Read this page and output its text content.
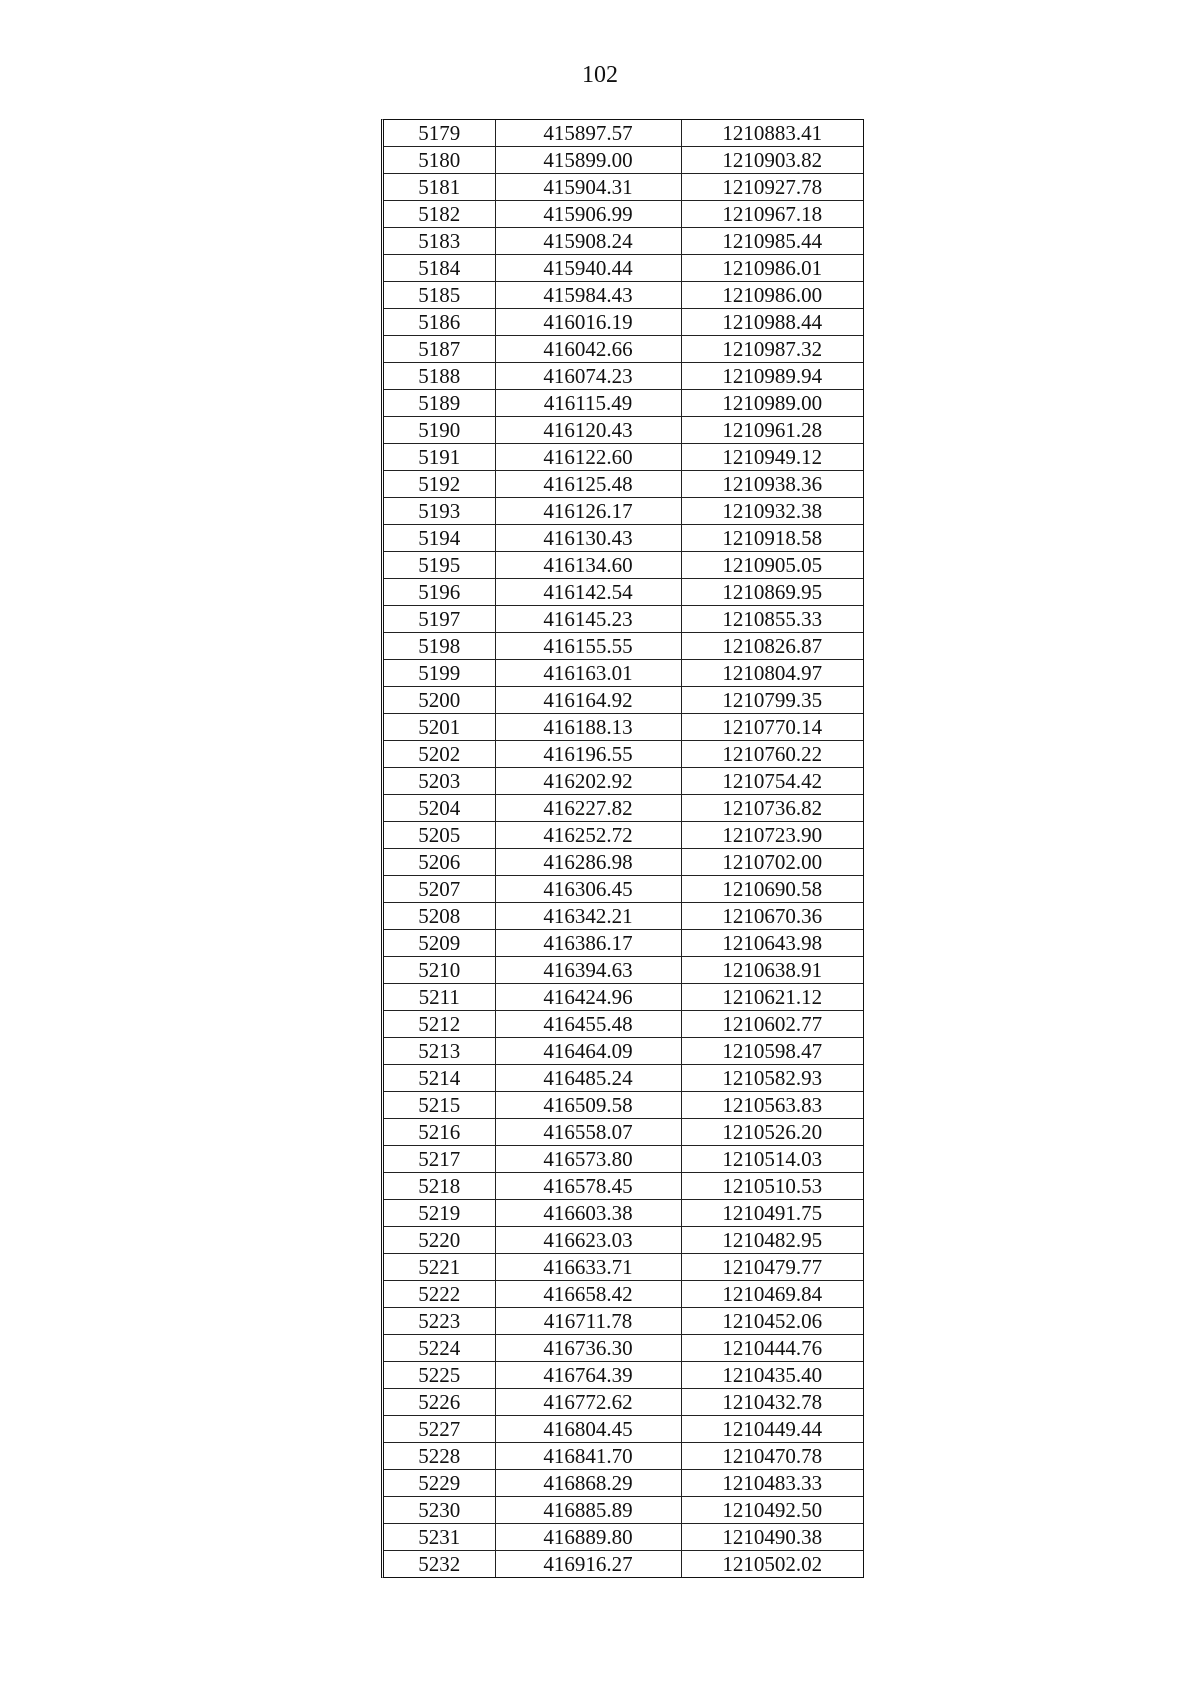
102
5179	415897.57	1210883.41
5180	415899.00	1210903.82
5181	415904.31	1210927.78
5182	415906.99	1210967.18
5183	415908.24	1210985.44
5184	415940.44	1210986.01
5185	415984.43	1210986.00
5186	416016.19	1210988.44
5187	416042.66	1210987.32
5188	416074.23	1210989.94
5189	416115.49	1210989.00
5190	416120.43	1210961.28
5191	416122.60	1210949.12
5192	416125.48	1210938.36
5193	416126.17	1210932.38
5194	416130.43	1210918.58
5195	416134.60	1210905.05
5196	416142.54	1210869.95
5197	416145.23	1210855.33
5198	416155.55	1210826.87
5199	416163.01	1210804.97
5200	416164.92	1210799.35
5201	416188.13	1210770.14
5202	416196.55	1210760.22
5203	416202.92	1210754.42
5204	416227.82	1210736.82
5205	416252.72	1210723.90
5206	416286.98	1210702.00
5207	416306.45	1210690.58
5208	416342.21	1210670.36
5209	416386.17	1210643.98
5210	416394.63	1210638.91
5211	416424.96	1210621.12
5212	416455.48	1210602.77
5213	416464.09	1210598.47
5214	416485.24	1210582.93
5215	416509.58	1210563.83
5216	416558.07	1210526.20
5217	416573.80	1210514.03
5218	416578.45	1210510.53
5219	416603.38	1210491.75
5220	416623.03	1210482.95
5221	416633.71	1210479.77
5222	416658.42	1210469.84
5223	416711.78	1210452.06
5224	416736.30	1210444.76
5225	416764.39	1210435.40
5226	416772.62	1210432.78
5227	416804.45	1210449.44
5228	416841.70	1210470.78
5229	416868.29	1210483.33
5230	416885.89	1210492.50
5231	416889.80	1210490.38
5232	416916.27	1210502.02
